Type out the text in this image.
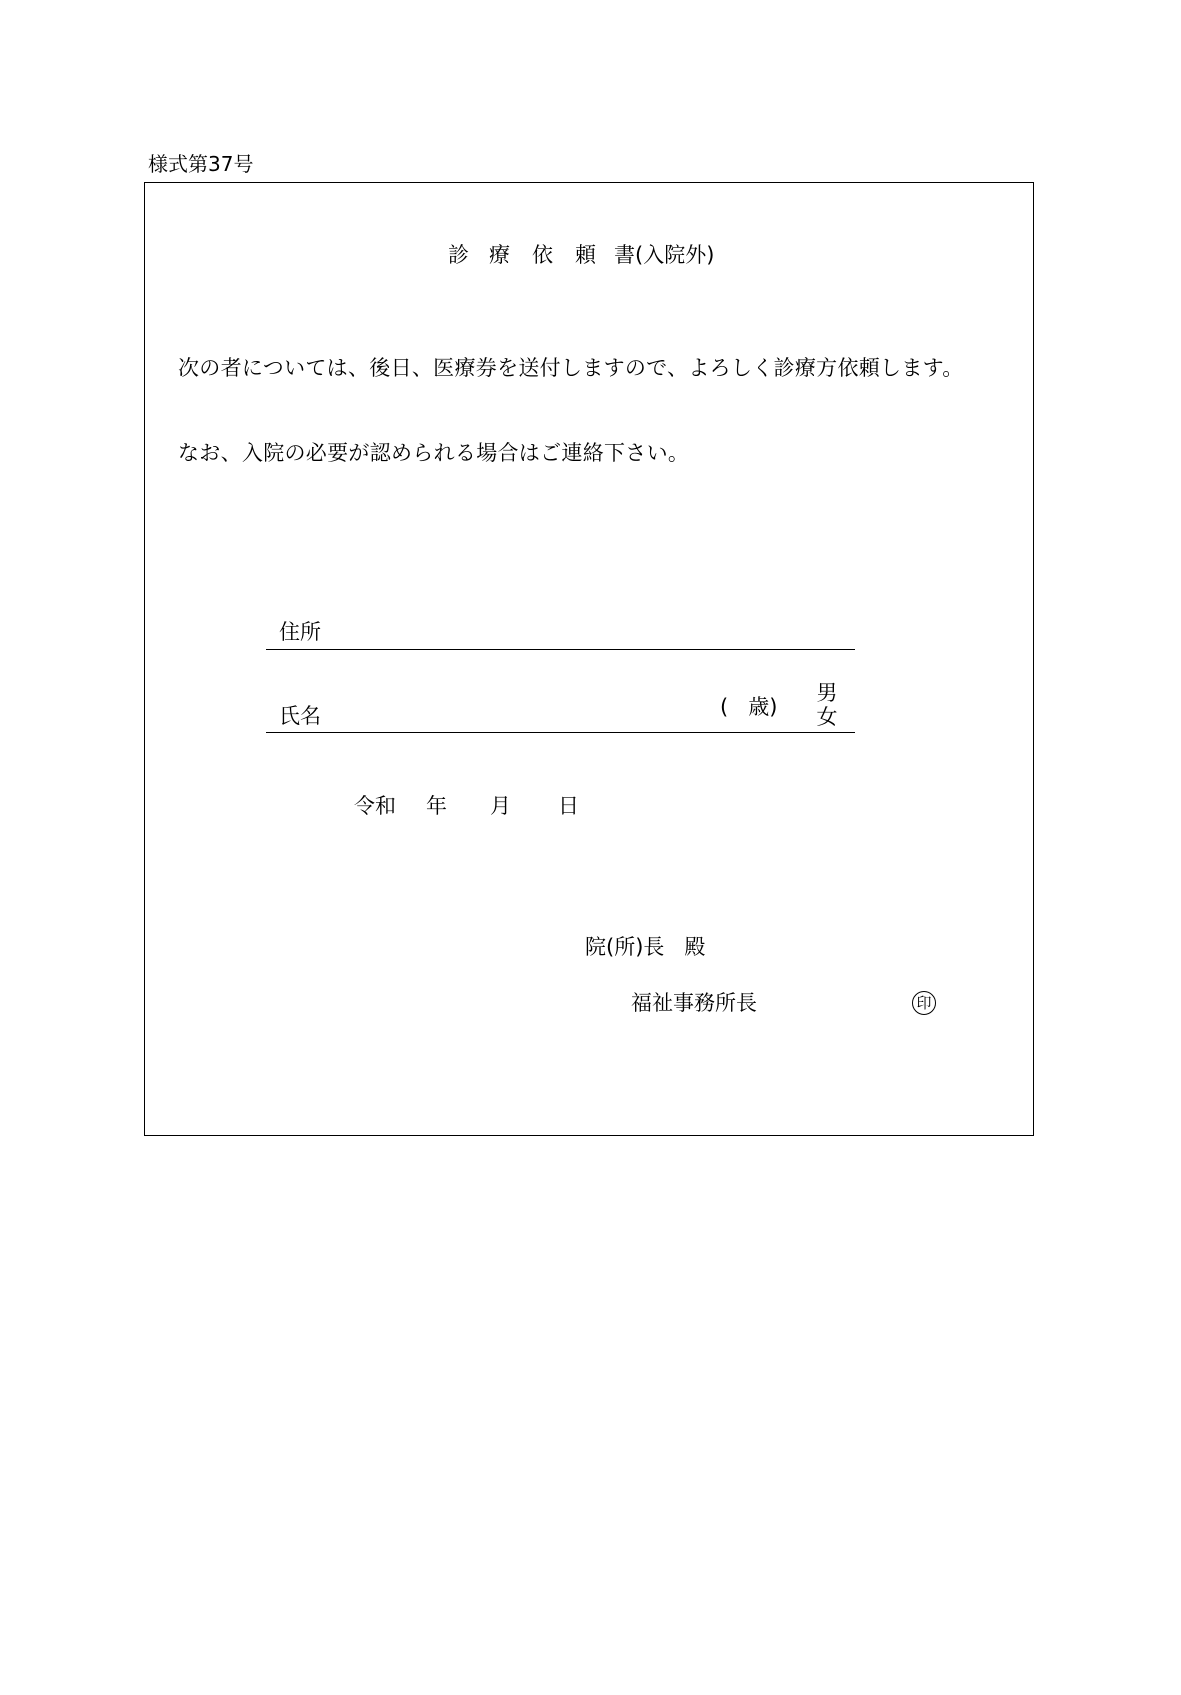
様式第37号
診 療 依 頼 書(入院外)
次の者については、後日、医療券を送付しますので、よろしく診療方依頼します。
なお、入院の必要が認められる場合はご連絡下さい。
住所
氏名	( 歳)
男
女
令和 年 月 日
院(所)長 殿
福祉事務所長	印
